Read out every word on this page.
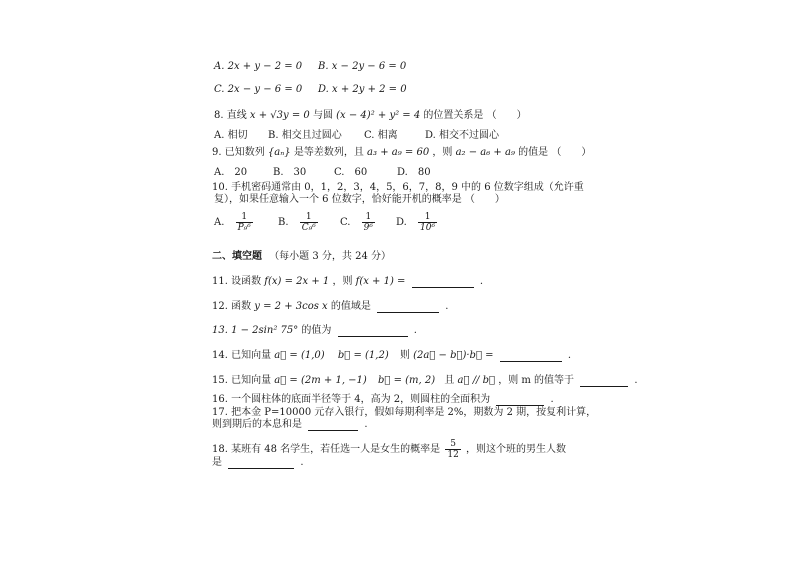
A. 2x + y − 2 = 0 B. x − 2y − 6 = 0
C. 2x − y − 6 = 0 D. x + 2y + 2 = 0
8. 直线 x + √3y = 0 与圆 (x − 4)² + y² = 4 的位置关系是 （　　）
A. 相切 B. 相交且过圆心 C. 相离	D. 相交不过圆心
9. 已知数列 {aₙ} 是等差数列，且 a₃ + a₉ = 60 ，则 a₂ − a₆ + a₉ 的值是 （　　）
A.　20	B.　30	C.　60	D.　80
10. 手机密码通常由 0，1，2，3，4，5，6，7，8，9 中的 6 位数字组成（允许重
复），如果任意输入一个 6 位数字，恰好能开机的概率是 （　　）
A. $\frac{1}{\text{P₉⁶}}$	B. $\frac{1}{\text{C₉⁶}} C$. $\frac{1}{\text{9⁶}} D$. $\frac{1}{\text{10⁶}}$
二、填空题 （每小题 3 分，共 24 分）
11. 设函数 f(x) = 2x + 1 ，则 f(x + 1) =	.
12. 函数 y = 2 + 3cos x 的值域是	.
13. 1 − 2sin² 75° 的值为	.
14. 已知向量 a⃗ = (1,0) b⃗ = (1,2) 则 (2a⃗ − b⃗)·b⃗ =	.
15. 已知向量 a⃗ = (2m + 1, −1) b⃗ = (m, 2) 且 a⃗ // b⃗ ，则 m 的值等于	.
16. 一个圆柱体的底面半径等于 4，高为 2，则圆柱的全面积为	.
17. 把本金 P=10000 元存入银行，假如每期利率是 2%，期数为 2 期，按复利计算，
则到期后的本息和是	.
18. 某班有 48 名学生，若任选一人是女生的概率是 $\frac{5}{12}$ ，则这个班的男生人数
是	.
